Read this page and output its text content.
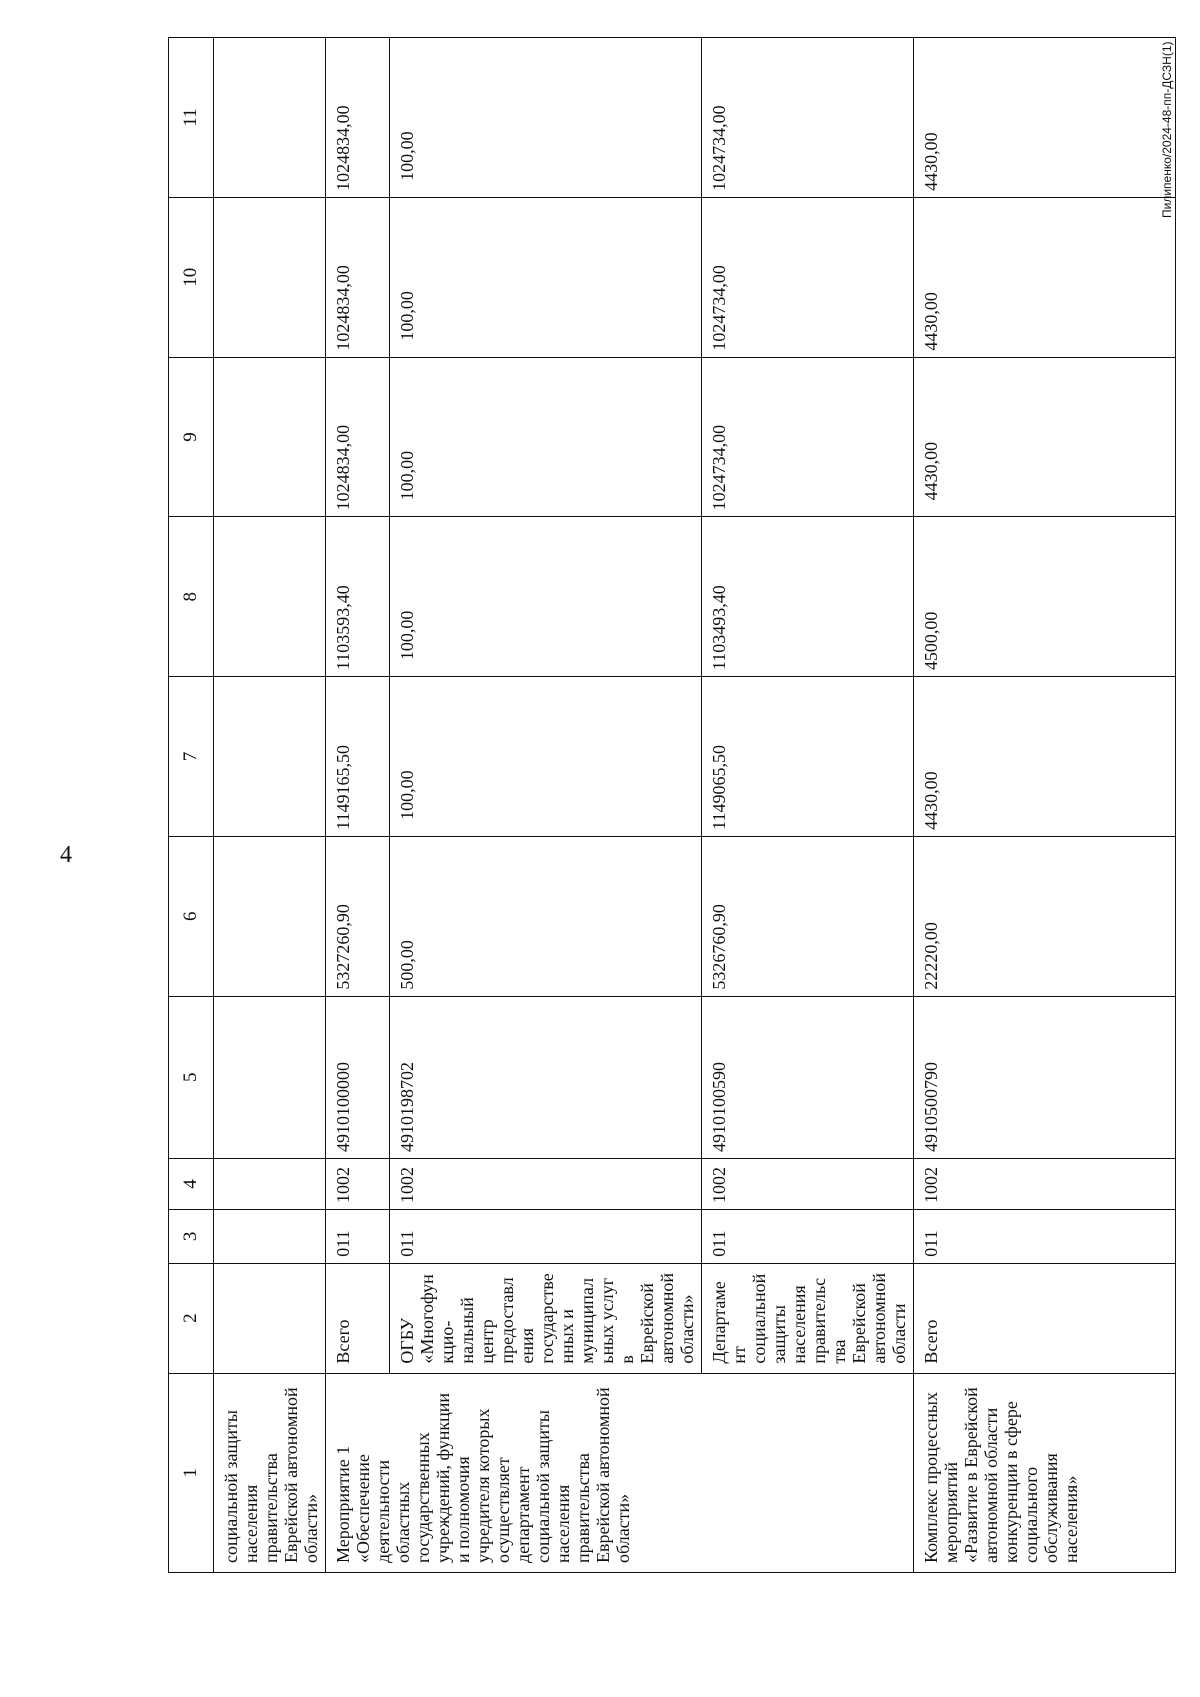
4
Пилипенко/2024-48-пп-ДСЗН(1)
1	2	3	4	5	6	7	8	9	10	11
социальной защиты населения правительства Еврейской автономной области»										
Мероприятие 1 «Обеспечение деятельности областных государственных учреждений, функции и полномочия учредителя которых осуществляет департамент социальной защиты населения правительства Еврейской автономной области»	Всего	011	1002	4910100000	5327260,90	1149165,50	1103593,40	1024834,00	1024834,00	1024834,00
	ОГБУ «Многофункцио-нальный центр предоставления государственных и муниципальных услуг в Еврейской автономной области»	011	1002	4910198702	500,00	100,00	100,00	100,00	100,00	100,00
	Департамент социальной защиты населения правительства Еврейской автономной области	011	1002	4910100590	5326760,90	1149065,50	1103493,40	1024734,00	1024734,00	1024734,00
Комплекс процессных мероприятий «Развитие в Еврейской автономной области конкуренции в сфере социального обслуживания населения»	Всего	011	1002	4910500790	22220,00	4430,00	4500,00	4430,00	4430,00	4430,00
